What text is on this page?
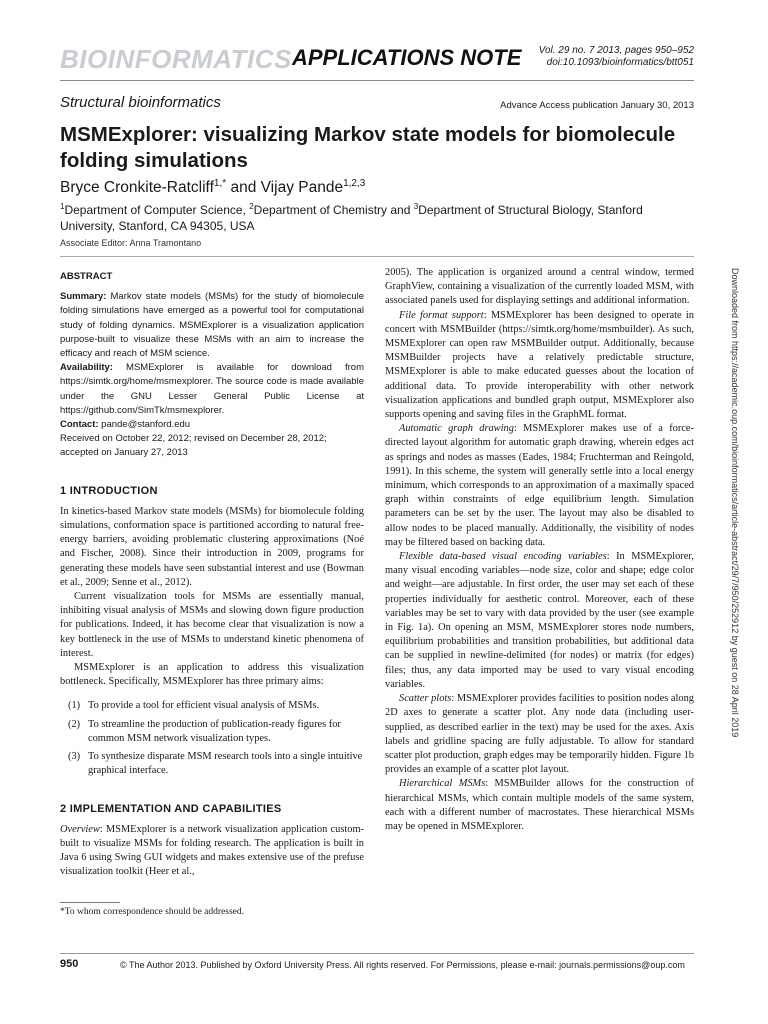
BIOINFORMATICS APPLICATIONS NOTE	Vol. 29 no. 7 2013, pages 950–952
doi:10.1093/bioinformatics/btt051
Structural bioinformatics	Advance Access publication January 30, 2013
MSMExplorer: visualizing Markov state models for biomolecule folding simulations
Bryce Cronkite-Ratcliff$^{1,*}$ and Vijay Pande$^{1,2,3}$
$^1$Department of Computer Science, $^2$Department of Chemistry and $^3$Department of Structural Biology, Stanford University, Stanford, CA 94305, USA
Associate Editor: Anna Tramontano
Downloaded from https://academic.oup.com/bioinformatics/article-abstract/29/7/950/252912 by guest on 28 April 2019
ABSTRACT

Summary: Markov state models (MSMs) for the study of biomolecule folding simulations have emerged as a powerful tool for computational study of folding dynamics. MSMExplorer is a visualization application purpose-built to visualize these MSMs with an aim to increase the efficacy and reach of MSM science.

Availability: MSMExplorer is available for download from https://simtk.org/home/msmexplorer. The source code is made available under the GNU Lesser General Public License at https://github.com/SimTk/msmexplorer.

Contact: pande@stanford.edu

Received on October 22, 2012; revised on December 28, 2012; accepted on January 27, 2013

1 INTRODUCTION

In kinetics-based Markov state models (MSMs) for biomolecule folding simulations, conformation space is partitioned according to natural free-energy barriers, avoiding problematic clustering approximations (Noé and Fischer, 2008). Since their introduction in 2009, programs for generating these models have seen substantial interest and use (Bowman et al., 2009; Senne et al., 2012).

Current visualization tools for MSMs are essentially manual, inhibiting visual analysis of MSMs and slowing down figure production for publications. Indeed, it has become clear that visualization is now a key bottleneck in the use of MSMs to understand kinetic phenomena of interest.

MSMExplorer is an application to address this visualization bottleneck. Specifically, MSMExplorer has three primary aims:

(1) To provide a tool for efficient visual analysis of MSMs.
(2) To streamline the production of publication-ready figures for common MSM network visualization types.
(3) To synthesize disparate MSM research tools into a single intuitive graphical interface.
2 IMPLEMENTATION AND CAPABILITIES

Overview: MSMExplorer is a network visualization application custom-built to visualize MSMs for folding research. The application is built in Java 6 using Swing GUI widgets and makes extensive use of the prefuse visualization toolkit (Heer et al.,

2005). The application is organized around a central window, termed GraphView, containing a visualization of the currently loaded MSM, with associated panels used for displaying settings and additional information.

File format support: MSMExplorer has been designed to operate in concert with MSMBuilder (https://simtk.org/home/msmbuilder). As such, MSMExplorer can open raw MSMBuilder output. Additionally, because MSMBuilder projects have a relatively predictable structure, MSMExplorer is able to make educated guesses about the location of additional data. To provide interoperability with other network visualization applications and bundled graph output, MSMExplorer also supports opening and saving files in the GraphML format.

Automatic graph drawing: MSMExplorer makes use of a force-directed layout algorithm for automatic graph drawing, wherein edges act as springs and nodes as masses (Eades, 1984; Fruchterman and Reingold, 1991). In this scheme, the system will generally settle into a local energy minimum, which corresponds to an approximation of a maximally spaced graph within constraints of edge equilibrium length. Simulation parameters can be set by the user. The layout may also be disabled to allow nodes to be placed manually. Additionally, the visibility of nodes may be filtered based on backing data.

Flexible data-based visual encoding variables: In MSMExplorer, many visual encoding variables—node size, color and shape; edge color and weight—are adjustable. In first order, the user may set each of these properties individually for aesthetic control. Moreover, each of these variables may be set to vary with data provided by the user (see example in Fig. 1a). On opening an MSM, MSMExplorer stores node numbers, equilibrium probabilities and transition probabilities, but additional data can be supplied in newline-delimited (for nodes) or matrix (for edges) files; thus, any data imported may be used to vary visual encoding variables.

Scatter plots: MSMExplorer provides facilities to position nodes along 2D axes to generate a scatter plot. Any node data (including user-supplied, as described earlier in the text) may be used for the axes. Axis labels and gridline spacing are fully adjustable. To allow for standard scatter plot production, graph edges may be temporarily hidden. Figure 1b provides an example of a scatter plot layout.

Hierarchical MSMs: MSMBuilder allows for the construction of hierarchical MSMs, which contain multiple models of the same system, each with a different number of macrostates. These hierarchical MSMs may be opened in MSMExplorer.

*To whom correspondence should be addressed.
950	© The Author 2013. Published by Oxford University Press. All rights reserved. For Permissions, please e-mail: journals.permissions@oup.com
